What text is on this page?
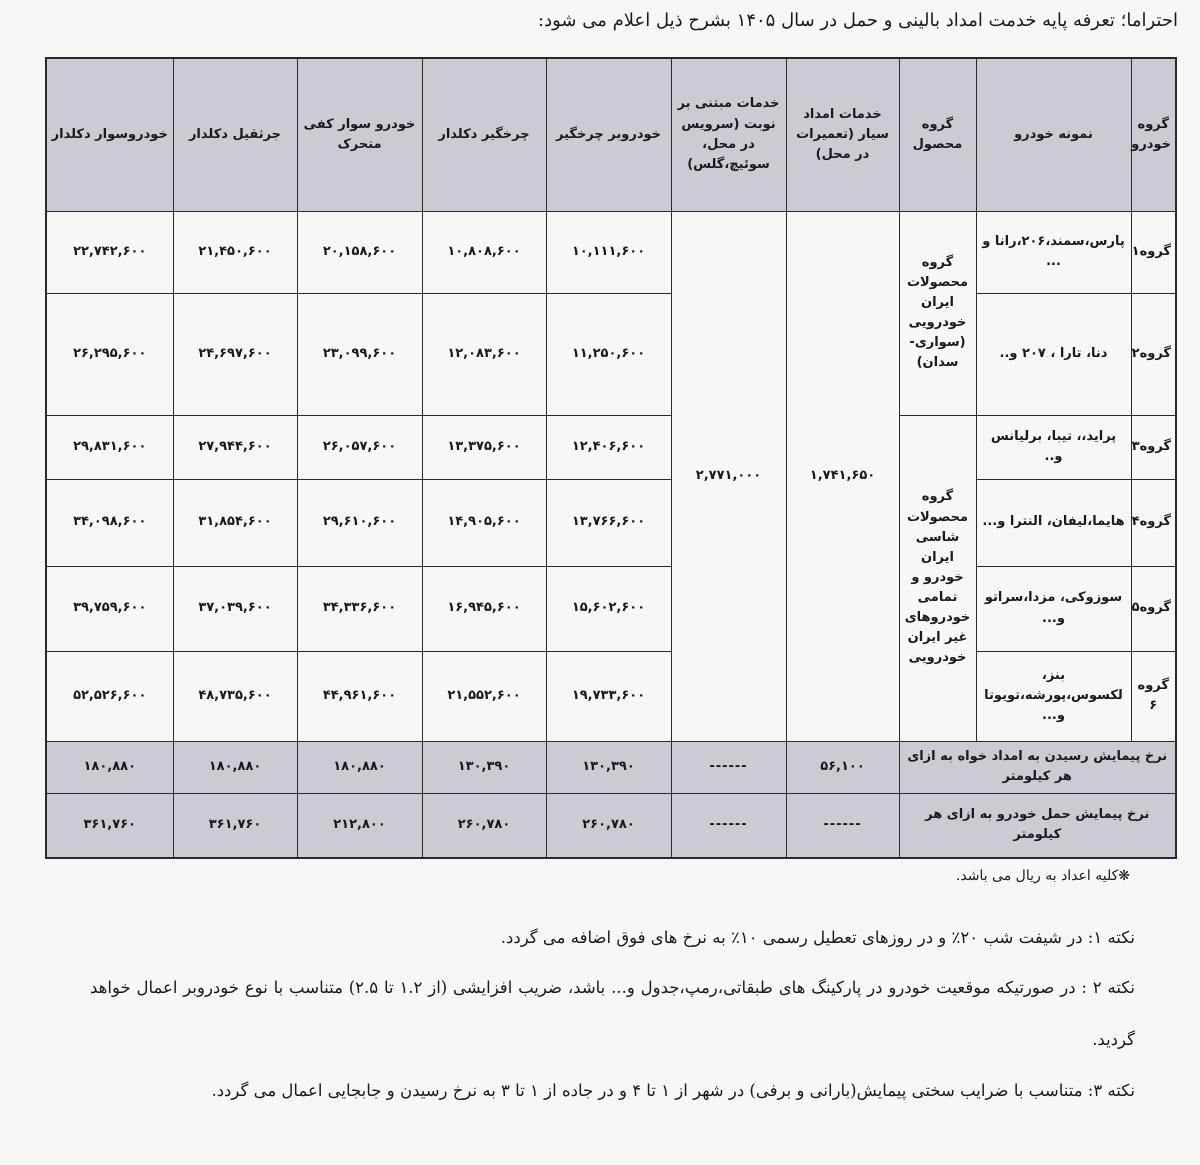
احتراما؛ تعرفه پایه خدمت امداد بالینی و حمل در سال ۱۴۰۵ بشرح ذیل اعلام می شود:
گروه خودرو	نمونه خودرو	گروه محصول	خدمات امداد سیار (تعمیرات در محل)	خدمات مبتنی بر نوبت (سرویس در محل، سوئیچ،گلس)	خودروبر چرخگیر	چرخگیر دکلدار	خودرو سوار کفی متحرک	جرثقیل دکلدار	خودروسوار دکلدار
گروه۱	پارس،سمند،۲۰۶،رانا و ...	گروه محصولات ایران خودرویی (سواری-سدان)	۱,۷۴۱,۶۵۰	۲,۷۷۱,۰۰۰	۱۰,۱۱۱,۶۰۰	۱۰,۸۰۸,۶۰۰	۲۰,۱۵۸,۶۰۰	۲۱,۴۵۰,۶۰۰	۲۲,۷۴۲,۶۰۰
گروه۲	دنا، تارا ، ۲۰۷ و..				۱۱,۲۵۰,۶۰۰	۱۲,۰۸۳,۶۰۰	۲۳,۰۹۹,۶۰۰	۲۴,۶۹۷,۶۰۰	۲۶,۲۹۵,۶۰۰
گروه۳	پراید،، تیبا، برلیانس و..	گروه محصولات شاسی ایران خودرو و تمامی خودروهای غیر ایران خودرویی			۱۲,۴۰۶,۶۰۰	۱۳,۳۷۵,۶۰۰	۲۶,۰۵۷,۶۰۰	۲۷,۹۴۴,۶۰۰	۲۹,۸۳۱,۶۰۰
گروه۴	هایما،لیفان، النترا و...				۱۳,۷۶۶,۶۰۰	۱۴,۹۰۵,۶۰۰	۲۹,۶۱۰,۶۰۰	۳۱,۸۵۴,۶۰۰	۳۴,۰۹۸,۶۰۰
گروه۵	سوزوکی، مزدا،سراتو و...				۱۵,۶۰۲,۶۰۰	۱۶,۹۴۵,۶۰۰	۳۴,۳۳۶,۶۰۰	۳۷,۰۳۹,۶۰۰	۳۹,۷۵۹,۶۰۰
گروه ۶	بنز، لکسوس،پورشه،تویوتا و...				۱۹,۷۳۳,۶۰۰	۲۱,۵۵۲,۶۰۰	۴۴,۹۶۱,۶۰۰	۴۸,۷۳۵,۶۰۰	۵۲,۵۲۶,۶۰۰
نرخ پیمایش رسیدن به امداد خواه به ازای هر کیلومتر			۵۶,۱۰۰	------	۱۳۰,۳۹۰	۱۳۰,۳۹۰	۱۸۰,۸۸۰	۱۸۰,۸۸۰	۱۸۰,۸۸۰
نرخ پیمایش حمل خودرو به ازای هر کیلومتر			------	------	۲۶۰,۷۸۰	۲۶۰,۷۸۰	۲۱۲,۸۰۰	۳۶۱,۷۶۰	۳۶۱,۷۶۰
❋کلیه اعداد به ریال می باشد.
نکته ۱: در شیفت شب ۲۰٪ و در روزهای تعطیل رسمی ۱۰٪ به نرخ های فوق اضافه می گردد.
نکته ۲ : در صورتیکه موقعیت خودرو در پارکینگ های طبقاتی،رمپ،جدول و... باشد، ضریب افزایشی (از ۱.۲ تا ۲.۵) متناسب با نوع خودروبر اعمال خواهد گردید.
نکته ۳: متناسب با ضرایب سختی پیمایش(بارانی و برفی) در شهر از ۱ تا ۴ و در جاده از ۱ تا ۳ به نرخ رسیدن و جابجایی اعمال می گردد.
